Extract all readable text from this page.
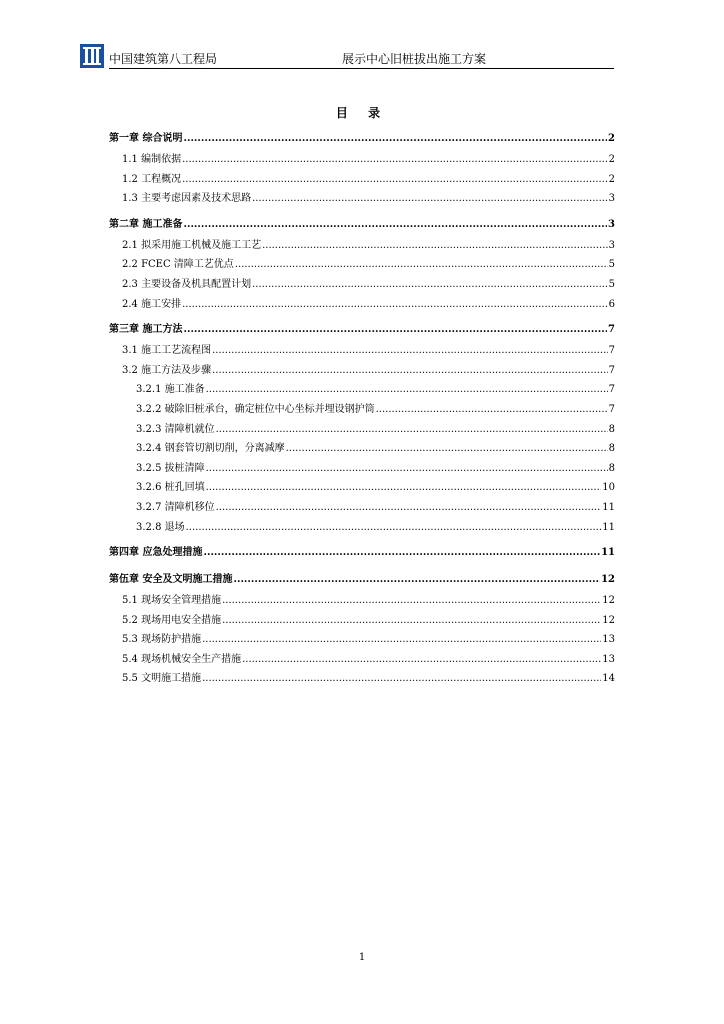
中国建筑第八工程局	展示中心旧桩拔出施工方案
目 录
第一章 综合说明 .....	2
1.1 编制依据 .....	2
1.2 工程概况 .....	2
1.3 主要考虑因素及技术思路 .....	3
第二章 施工准备 .....	3
2.1 拟采用施工机械及施工工艺 .....	3
2.2 FCEC 清障工艺优点 .....	5
2.3 主要设备及机具配置计划 .....	5
2.4 施工安排 .....	6
第三章 施工方法 .....	7
3.1 施工工艺流程图 .....	7
3.2 施工方法及步骤 .....	7
3.2.1 施工准备 .....	7
3.2.2 破除旧桩承台，确定桩位中心坐标并埋设钢护筒 .....	7
3.2.3 清障机就位 .....	8
3.2.4 钢套管切割切削，分离减摩 .....	8
3.2.5 拔桩清障 .....	8
3.2.6 桩孔回填 .....	10
3.2.7 清障机移位 .....	11
3.2.8 退场 .....	11
第四章 应急处理措施 .....	11
第伍章 安全及文明施工措施 .....	12
5.1 现场安全管理措施 .....	12
5.2 现场用电安全措施 .....	12
5.3 现场防护措施 .....	13
5.4 现场机械安全生产措施 .....	13
5.5 文明施工措施 .....	14
1
